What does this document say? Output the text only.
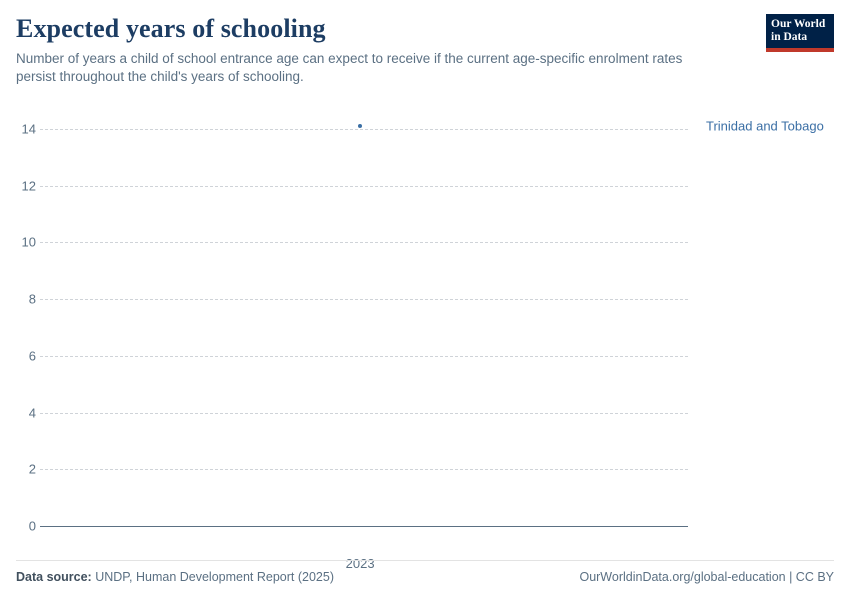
Expected years of schooling

Number of years a child of school entrance age can expect to receive if the current age-specific enrolment rates persist throughout the child's years of schooling.

Our World
in Data
0
2
4
6
8
10
12
14
2023
Trinidad and Tobago
Data source: UNDP, Human Development Report (2025)	OurWorldinData.org/global-education | CC BY
